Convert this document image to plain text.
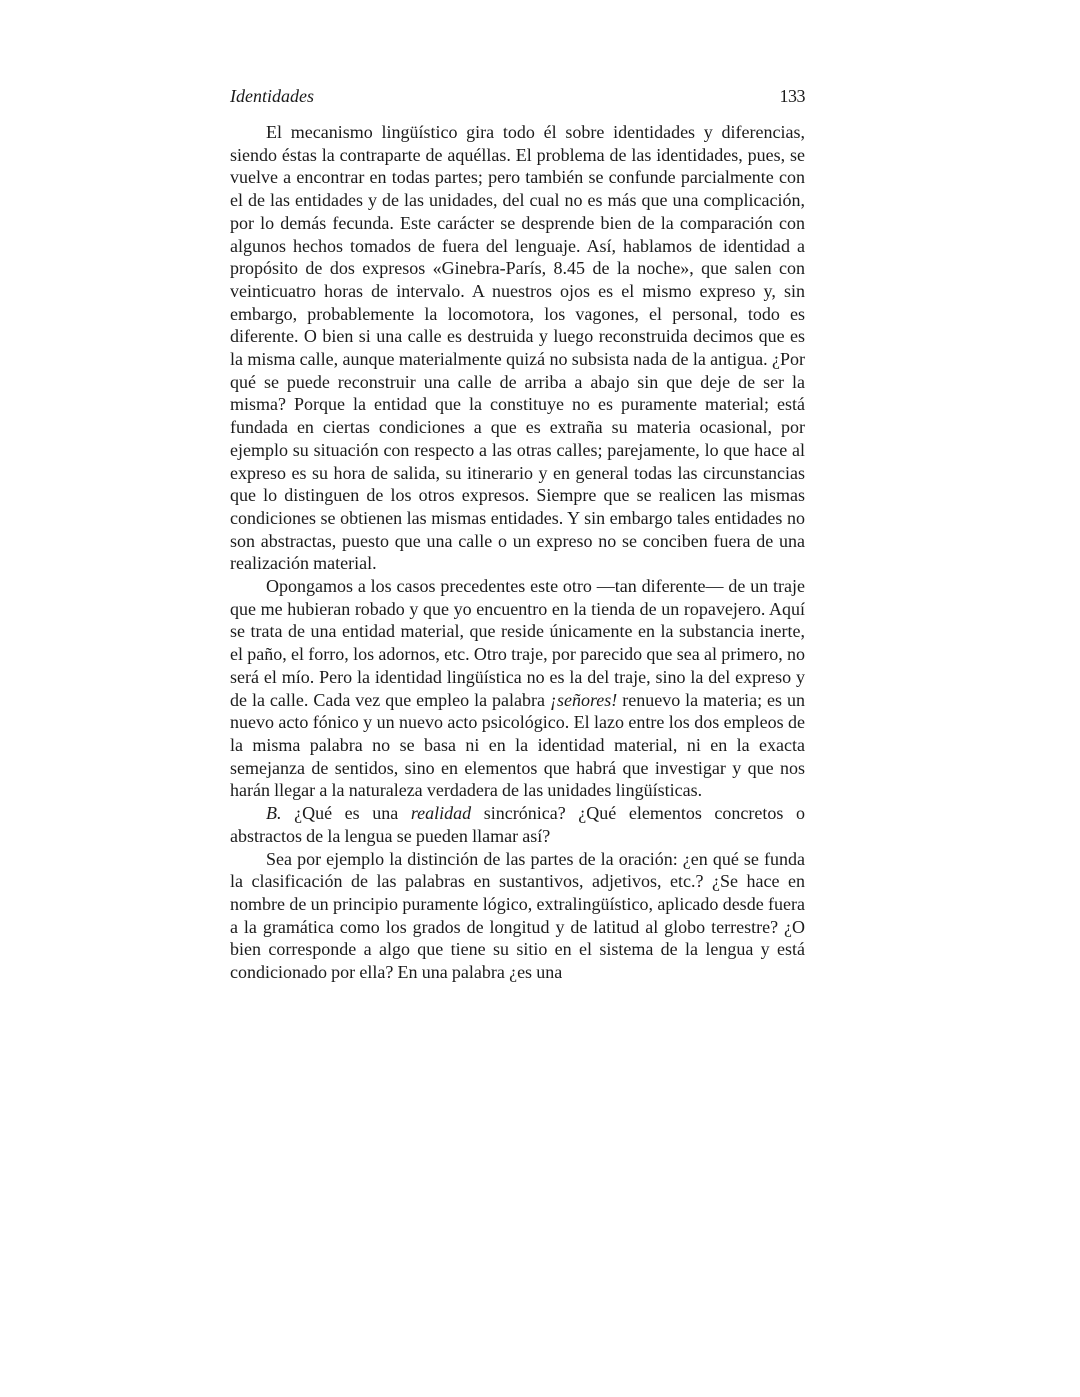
Identidades	133

El mecanismo lingüístico gira todo él sobre identidades y diferencias, siendo éstas la contraparte de aquéllas. El problema de las identidades, pues, se vuelve a encontrar en todas partes; pero también se confunde parcialmente con el de las entidades y de las unidades, del cual no es más que una complicación, por lo demás fecunda. Este carácter se desprende bien de la comparación con algunos hechos tomados de fuera del lenguaje. Así, hablamos de identidad a propósito de dos expresos «Ginebra-París, 8.45 de la noche», que salen con veinticuatro horas de intervalo. A nuestros ojos es el mismo expreso y, sin embargo, probablemente la locomotora, los vagones, el personal, todo es diferente. O bien si una calle es destruida y luego reconstruida decimos que es la misma calle, aunque materialmente quizá no subsista nada de la antigua. ¿Por qué se puede reconstruir una calle de arriba a abajo sin que deje de ser la misma? Porque la entidad que la constituye no es puramente material; está fundada en ciertas condiciones a que es extraña su materia ocasional, por ejemplo su situación con respecto a las otras calles; parejamente, lo que hace al expreso es su hora de salida, su itinerario y en general todas las circunstancias que lo distinguen de los otros expresos. Siempre que se realicen las mismas condiciones se obtienen las mismas entidades. Y sin embargo tales entidades no son abstractas, puesto que una calle o un expreso no se conciben fuera de una realización material.

Opongamos a los casos precedentes este otro —tan diferente— de un traje que me hubieran robado y que yo encuentro en la tienda de un ropavejero. Aquí se trata de una entidad material, que reside únicamente en la substancia inerte, el paño, el forro, los adornos, etc. Otro traje, por parecido que sea al primero, no será el mío. Pero la identidad lingüística no es la del traje, sino la del expreso y de la calle. Cada vez que empleo la palabra ¡señores! renuevo la materia; es un nuevo acto fónico y un nuevo acto psicológico. El lazo entre los dos empleos de la misma palabra no se basa ni en la identidad material, ni en la exacta semejanza de sentidos, sino en elementos que habrá que investigar y que nos harán llegar a la naturaleza verdadera de las unidades lingüísticas.

B. ¿Qué es una realidad sincrónica? ¿Qué elementos concretos o abstractos de la lengua se pueden llamar así?

Sea por ejemplo la distinción de las partes de la oración: ¿en qué se funda la clasificación de las palabras en sustantivos, adjetivos, etc.? ¿Se hace en nombre de un principio puramente lógico, extralingüístico, aplicado desde fuera a la gramática como los grados de longitud y de latitud al globo terrestre? ¿O bien corresponde a algo que tiene su sitio en el sistema de la lengua y está condicionado por ella? En una palabra ¿es una
